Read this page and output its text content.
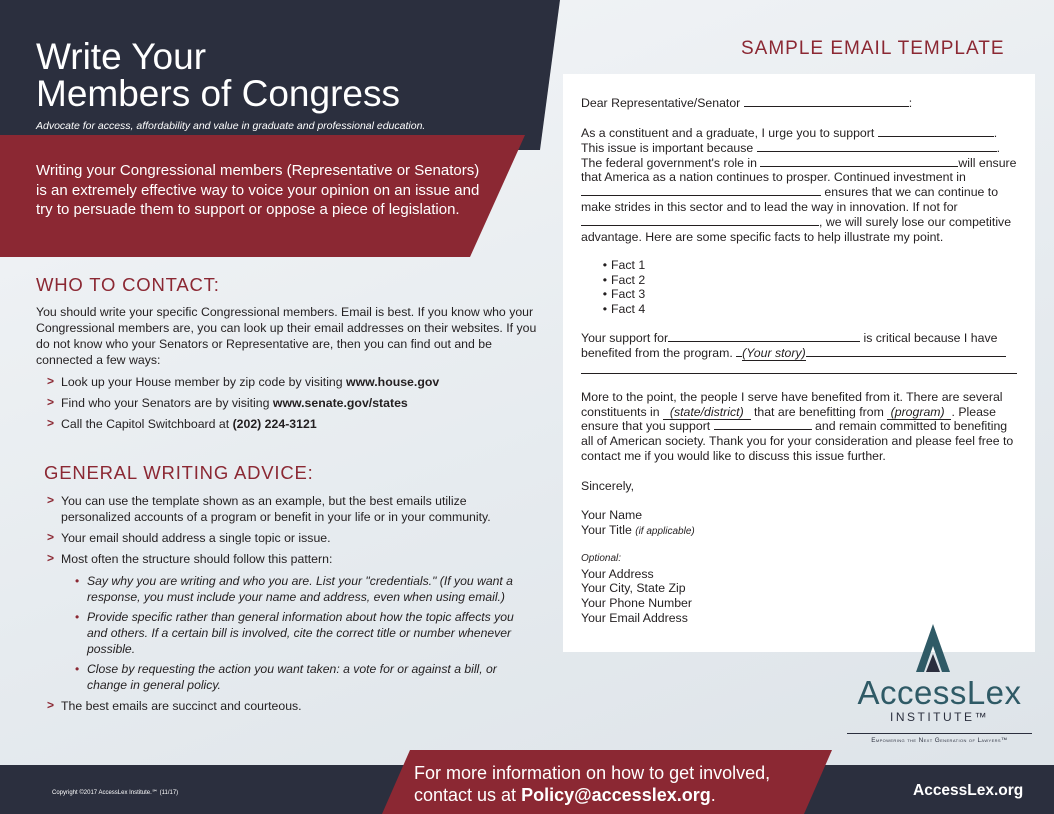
Write Your
Members of Congress
Advocate for access, affordability and value in graduate and professional education.

Writing your Congressional members (Representative or Senators) is an extremely effective way to voice your opinion on an issue and try to persuade them to support or oppose a piece of legislation.

WHO TO CONTACT:

You should write your specific Congressional members. Email is best. If you know who your Congressional members are, you can look up their email addresses on their websites. If you do not know who your Senators or Representative are, then you can find out and be connected a few ways:

> Look up your House member by zip code by visiting www.house.gov
> Find who your Senators are by visiting www.senate.gov/states
> Call the Capitol Switchboard at (202) 224-3121
GENERAL WRITING ADVICE:
> You can use the template shown as an example, but the best emails utilize personalized accounts of a program or benefit in your life or in your community.
> Your email should address a single topic or issue.
> Most often the structure should follow this pattern:
• Say why you are writing and who you are. List your "credentials." (If you want a response, you must include your name and address, even when using email.)
• Provide specific rather than general information about how the topic affects you and others. If a certain bill is involved, cite the correct title or number whenever possible.
• Close by requesting the action you want taken: a vote for or against a bill, or change in general policy.
> The best emails are succinct and courteous.
SAMPLE EMAIL TEMPLATE
Dear Representative/Senator	:
As a constituent and a graduate, I urge you to support	. This issue is important because	. The federal government's role in	will ensure that America as a nation continues to prosper. Continued investment in  ensures that we can continue to make strides in this sector and to lead the way in innovation. If not for , we will surely lose our competitive advantage. Here are some specific facts to help illustrate my point.
• Fact 1
• Fact 2
• Fact 3
• Fact 4
Your support for	is critical because I have benefited from the program. (Your story)
More to the point, the people I serve have benefited from it. There are several constituents in (state/district) that are benefitting from (program) . Please ensure that you support	and remain committed to benefiting all of American society. Thank you for your consideration and please feel free to contact me if you would like to discuss this issue further.
Sincerely,
Your Name
Your Title (if applicable)
Optional:
Your Address
Your City, State Zip
Your Phone Number
Your Email Address
AccessLex
INSTITUTE™
Empowering the Next Generation of Lawyers™
Copyright ©2017 AccessLex Institute.℠ (11/17)
For more information on how to get involved,
contact us at Policy@accesslex.org.	AccessLex.org
